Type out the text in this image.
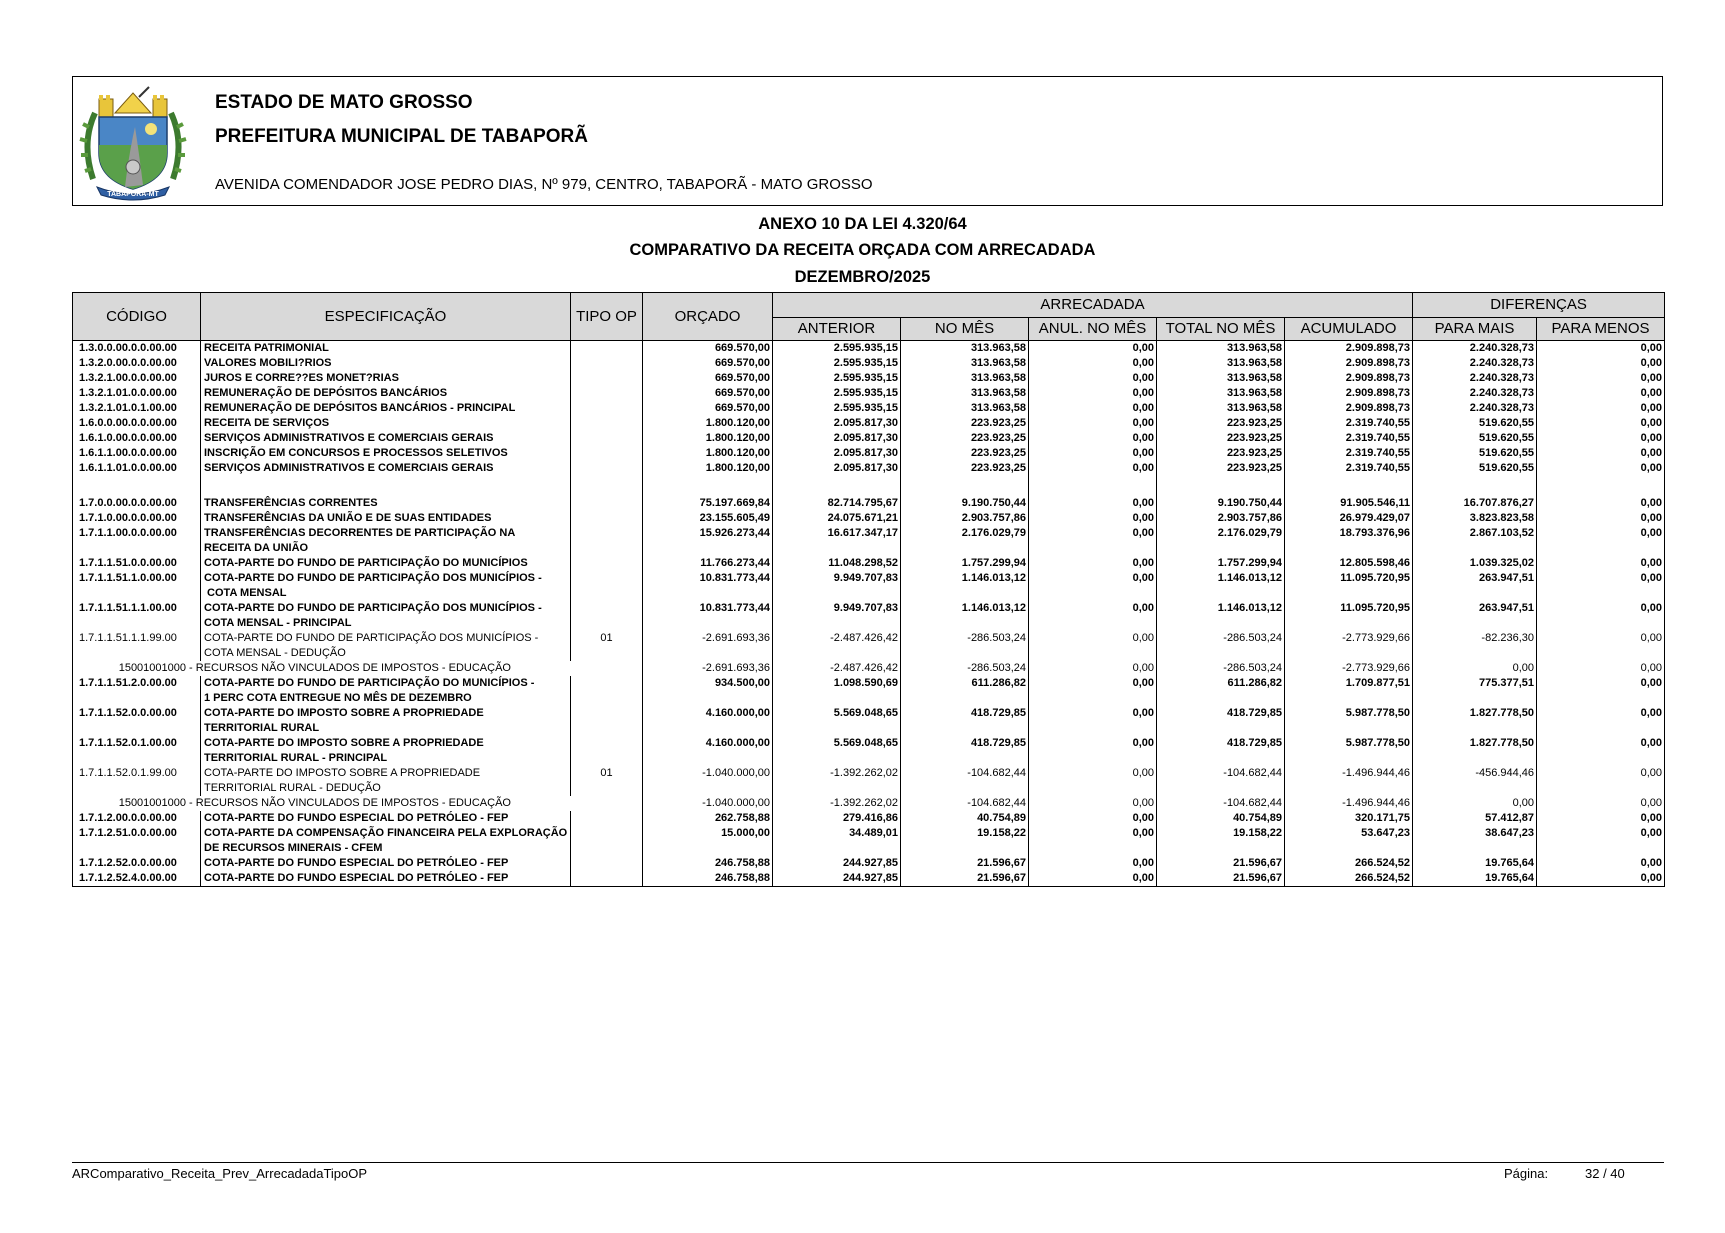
TABAPORÃ-MT
ESTADO DE MATO GROSSO
PREFEITURA MUNICIPAL DE TABAPORÃ
AVENIDA COMENDADOR JOSE PEDRO DIAS, Nº 979, CENTRO, TABAPORÃ - MATO GROSSO
ANEXO 10 DA LEI 4.320/64
COMPARATIVO DA RECEITA ORÇADA COM ARRECADADA
DEZEMBRO/2025
CÓDIGO	ESPECIFICAÇÃO	TIPO OP	ORÇADO	ARRECADADA					DIFERENÇAS	
				ANTERIOR	NO MÊS	ANUL. NO MÊS	TOTAL NO MÊS	ACUMULADO	PARA MAIS	PARA MENOS
1.3.0.0.00.0.0.00.00	RECEITA PATRIMONIAL		669.570,00	2.595.935,15	313.963,58	0,00	313.963,58	2.909.898,73	2.240.328,73	0,00
1.3.2.0.00.0.0.00.00	VALORES MOBILI?RIOS		669.570,00	2.595.935,15	313.963,58	0,00	313.963,58	2.909.898,73	2.240.328,73	0,00
1.3.2.1.00.0.0.00.00	JUROS E CORRE??ES MONET?RIAS		669.570,00	2.595.935,15	313.963,58	0,00	313.963,58	2.909.898,73	2.240.328,73	0,00
1.3.2.1.01.0.0.00.00	REMUNERAÇÃO DE DEPÓSITOS BANCÁRIOS		669.570,00	2.595.935,15	313.963,58	0,00	313.963,58	2.909.898,73	2.240.328,73	0,00
1.3.2.1.01.0.1.00.00	REMUNERAÇÃO DE DEPÓSITOS BANCÁRIOS - PRINCIPAL		669.570,00	2.595.935,15	313.963,58	0,00	313.963,58	2.909.898,73	2.240.328,73	0,00
1.6.0.0.00.0.0.00.00	RECEITA DE SERVIÇOS		1.800.120,00	2.095.817,30	223.923,25	0,00	223.923,25	2.319.740,55	519.620,55	0,00
1.6.1.0.00.0.0.00.00	SERVIÇOS ADMINISTRATIVOS E COMERCIAIS GERAIS		1.800.120,00	2.095.817,30	223.923,25	0,00	223.923,25	2.319.740,55	519.620,55	0,00
1.6.1.1.00.0.0.00.00	INSCRIÇÃO EM CONCURSOS E PROCESSOS SELETIVOS		1.800.120,00	2.095.817,30	223.923,25	0,00	223.923,25	2.319.740,55	519.620,55	0,00
1.6.1.1.01.0.0.00.00	SERVIÇOS ADMINISTRATIVOS E COMERCIAIS GERAIS		1.800.120,00	2.095.817,30	223.923,25	0,00	223.923,25	2.319.740,55	519.620,55	0,00

1.7.0.0.00.0.0.00.00	TRANSFERÊNCIAS CORRENTES		75.197.669,84	82.714.795,67	9.190.750,44	0,00	9.190.750,44	91.905.546,11	16.707.876,27	0,00
1.7.1.0.00.0.0.00.00	TRANSFERÊNCIAS DA UNIÃO E DE SUAS ENTIDADES		23.155.605,49	24.075.671,21	2.903.757,86	0,00	2.903.757,86	26.979.429,07	3.823.823,58	0,00
1.7.1.1.00.0.0.00.00	TRANSFERÊNCIAS DECORRENTES DE PARTICIPAÇÃO NA
RECEITA DA UNIÃO		15.926.273,44	16.617.347,17	2.176.029,79	0,00	2.176.029,79	18.793.376,96	2.867.103,52	0,00
1.7.1.1.51.0.0.00.00	COTA-PARTE DO FUNDO DE PARTICIPAÇÃO DO MUNICÍPIOS		11.766.273,44	11.048.298,52	1.757.299,94	0,00	1.757.299,94	12.805.598,46	1.039.325,02	0,00
1.7.1.1.51.1.0.00.00	COTA-PARTE DO FUNDO DE PARTICIPAÇÃO DOS MUNICÍPIOS -
COTA MENSAL		10.831.773,44	9.949.707,83	1.146.013,12	0,00	1.146.013,12	11.095.720,95	263.947,51	0,00
1.7.1.1.51.1.1.00.00	COTA-PARTE DO FUNDO DE PARTICIPAÇÃO DOS MUNICÍPIOS -
COTA MENSAL - PRINCIPAL		10.831.773,44	9.949.707,83	1.146.013,12	0,00	1.146.013,12	11.095.720,95	263.947,51	0,00
1.7.1.1.51.1.1.99.00	COTA-PARTE DO FUNDO DE PARTICIPAÇÃO DOS MUNICÍPIOS -
COTA MENSAL - DEDUÇÃO	01	-2.691.693,36	-2.487.426,42	-286.503,24	0,00	-286.503,24	-2.773.929,66	-82.236,30	0,00
15001001000 - RECURSOS NÃO VINCULADOS DE IMPOSTOS - EDUCAÇÃO			-2.691.693,36	-2.487.426,42	-286.503,24	0,00	-286.503,24	-2.773.929,66	0,00	0,00
1.7.1.1.51.2.0.00.00	COTA-PARTE DO FUNDO DE PARTICIPAÇÃO DO MUNICÍPIOS -
1 PERC COTA ENTREGUE NO MÊS DE DEZEMBRO		934.500,00	1.098.590,69	611.286,82	0,00	611.286,82	1.709.877,51	775.377,51	0,00
1.7.1.1.52.0.0.00.00	COTA-PARTE DO IMPOSTO SOBRE A PROPRIEDADE
TERRITORIAL RURAL		4.160.000,00	5.569.048,65	418.729,85	0,00	418.729,85	5.987.778,50	1.827.778,50	0,00
1.7.1.1.52.0.1.00.00	COTA-PARTE DO IMPOSTO SOBRE A PROPRIEDADE
TERRITORIAL RURAL - PRINCIPAL		4.160.000,00	5.569.048,65	418.729,85	0,00	418.729,85	5.987.778,50	1.827.778,50	0,00
1.7.1.1.52.0.1.99.00	COTA-PARTE DO IMPOSTO SOBRE A PROPRIEDADE
TERRITORIAL RURAL - DEDUÇÃO	01	-1.040.000,00	-1.392.262,02	-104.682,44	0,00	-104.682,44	-1.496.944,46	-456.944,46	0,00
15001001000 - RECURSOS NÃO VINCULADOS DE IMPOSTOS - EDUCAÇÃO			-1.040.000,00	-1.392.262,02	-104.682,44	0,00	-104.682,44	-1.496.944,46	0,00	0,00
1.7.1.2.00.0.0.00.00	COTA-PARTE DO FUNDO ESPECIAL DO PETRÓLEO - FEP		262.758,88	279.416,86	40.754,89	0,00	40.754,89	320.171,75	57.412,87	0,00
1.7.1.2.51.0.0.00.00	COTA-PARTE DA COMPENSAÇÃO FINANCEIRA PELA EXPLORAÇÃO
DE RECURSOS MINERAIS - CFEM		15.000,00	34.489,01	19.158,22	0,00	19.158,22	53.647,23	38.647,23	0,00
1.7.1.2.52.0.0.00.00	COTA-PARTE DO FUNDO ESPECIAL DO PETRÓLEO - FEP		246.758,88	244.927,85	21.596,67	0,00	21.596,67	266.524,52	19.765,64	0,00
1.7.1.2.52.4.0.00.00	COTA-PARTE DO FUNDO ESPECIAL DO PETRÓLEO - FEP		246.758,88	244.927,85	21.596,67	0,00	21.596,67	266.524,52	19.765,64	0,00
ARComparativo_Receita_Prev_ArrecadadaTipoOP	Página:	32 / 40
